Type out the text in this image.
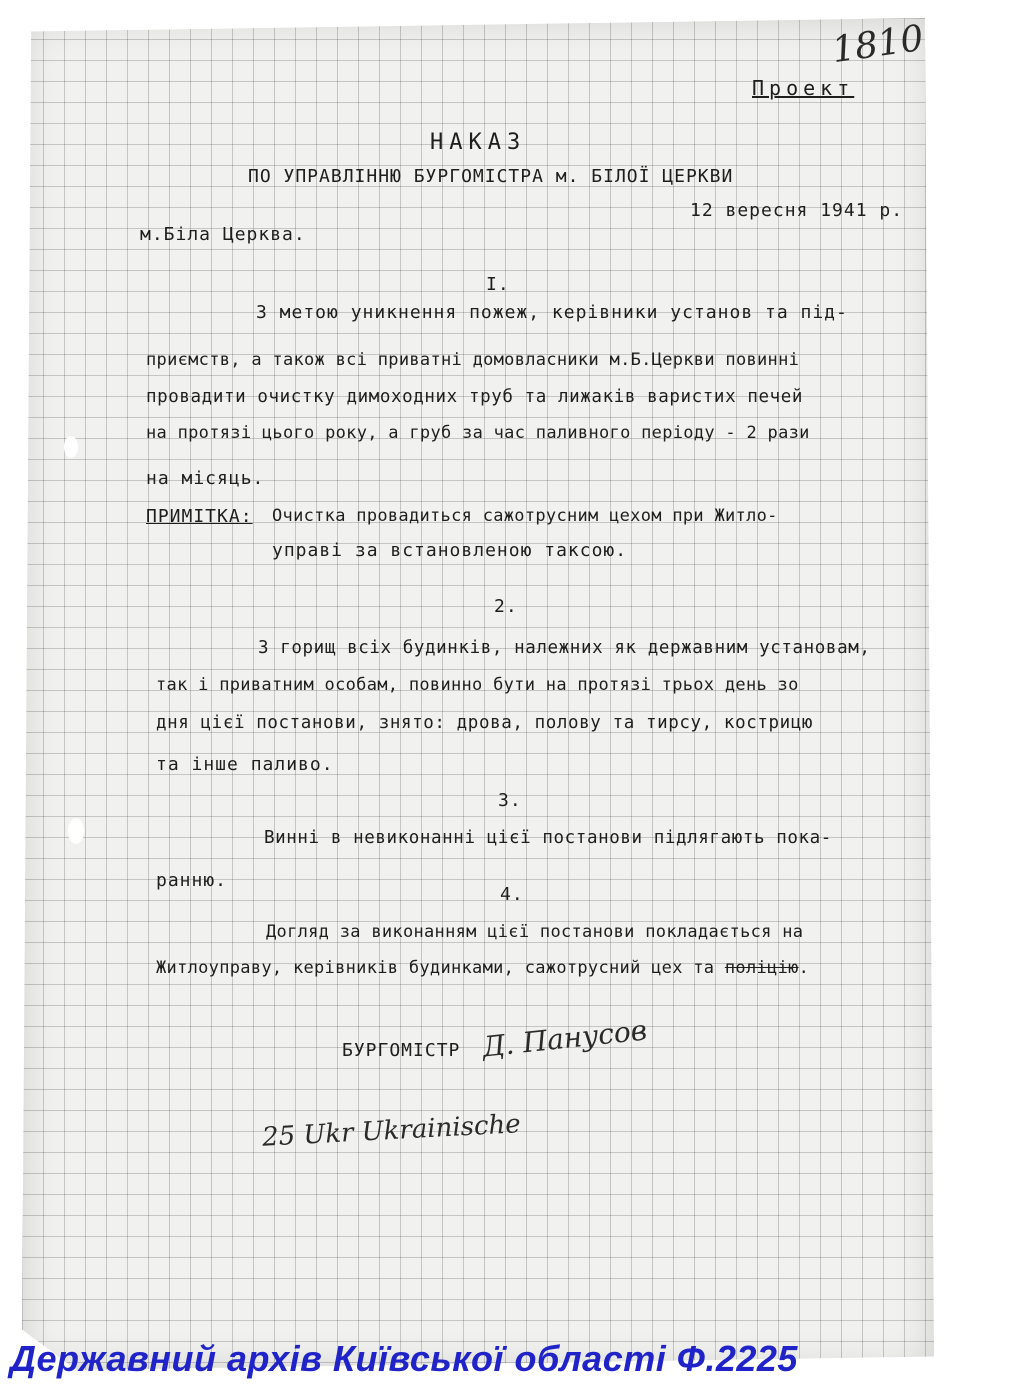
1810
Проект
НАКАЗ
ПО УПРАВЛІННЮ БУРГОМІСТРА м. БІЛОЇ ЦЕРКВИ
12 вересня 1941 р.
м.Біла Церква.
I.
З метою уникнення пожеж, керівники установ та під-
приємств, а також всі приватні домовласники м.Б.Церкви повинні
провадити очистку димоходних труб та лижаків варистих печей
на протязі цього року, а груб за час паливного періоду - 2 рази
на місяць.
ПРИМІТКА: Очистка провадиться сажотрусним цехом при Житло-
управі за встановленою таксою.
2.
З горищ всіх будинків, належних як державним установам,
так і приватним особам, повинно бути на протязі трьох день зо
дня цієї постанови, знято: дрова, полову та тирсу, кострицю
та інше паливо.
3.
Винні в невиконанні цієї постанови підлягають пока-
ранню.
4.
Догляд за виконанням цієї постанови покладається на
Житлоуправу, керівників будинками, сажотрусний цех та поліцію.
БУРГОМІСТР Д. Панусов
25 Ukr Ukrainische
Державний архів Київської області Ф.2225
